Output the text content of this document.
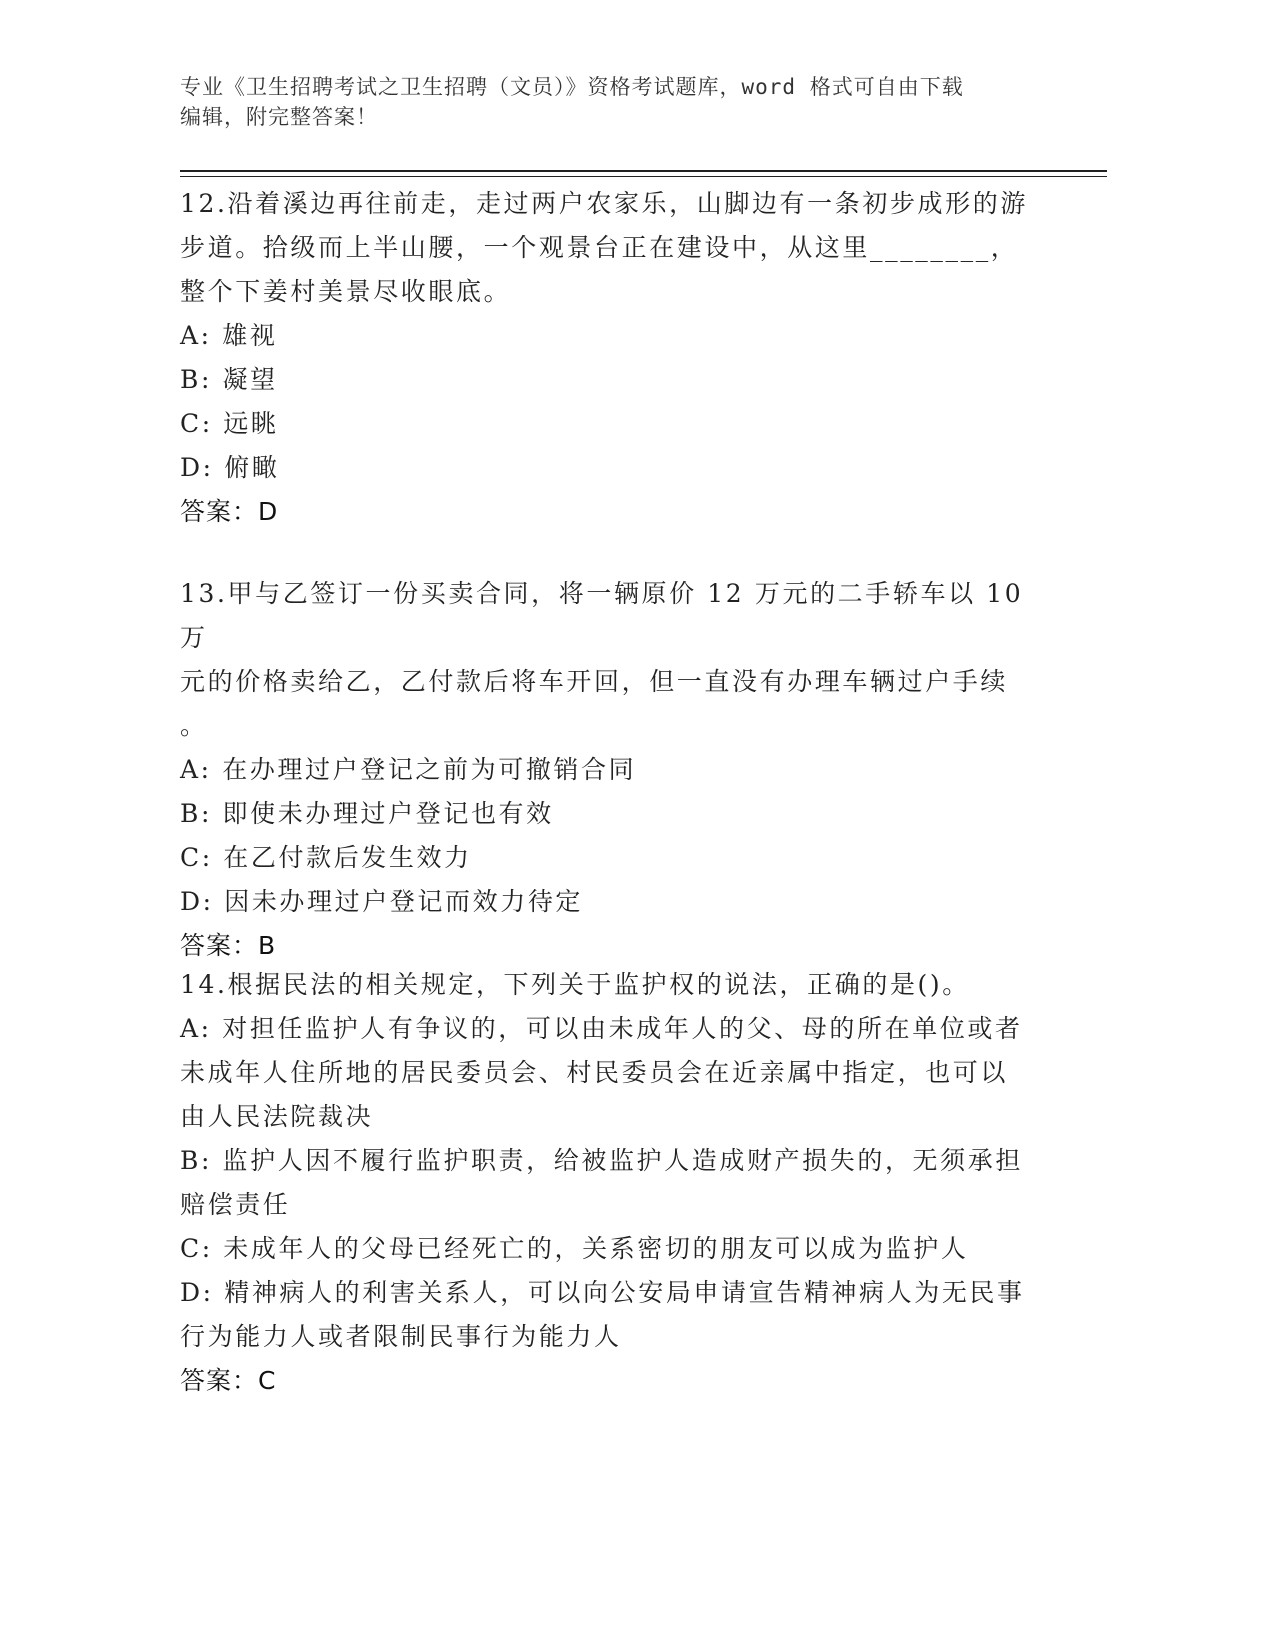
专业《卫生招聘考试之卫生招聘（文员）》资格考试题库，word 格式可自由下载
编辑，附完整答案！

12.沿着溪边再往前走，走过两户农家乐，山脚边有一条初步成形的游

步道。拾级而上半山腰，一个观景台正在建设中，从这里________，

整个下姜村美景尽收眼底。

A: 雄视

B: 凝望

C: 远眺

D: 俯瞰

答案：D

13.甲与乙签订一份买卖合同，将一辆原价 12 万元的二手轿车以 10 万

元的价格卖给乙，乙付款后将车开回，但一直没有办理车辆过户手续

。

A: 在办理过户登记之前为可撤销合同

B: 即使未办理过户登记也有效

C: 在乙付款后发生效力

D: 因未办理过户登记而效力待定

答案：B

14.根据民法的相关规定，下列关于监护权的说法，正确的是()。

A: 对担任监护人有争议的，可以由未成年人的父、母的所在单位或者

未成年人住所地的居民委员会、村民委员会在近亲属中指定，也可以

由人民法院裁决

B: 监护人因不履行监护职责，给被监护人造成财产损失的，无须承担

赔偿责任

C: 未成年人的父母已经死亡的，关系密切的朋友可以成为监护人

D: 精神病人的利害关系人，可以向公安局申请宣告精神病人为无民事

行为能力人或者限制民事行为能力人

答案：C
